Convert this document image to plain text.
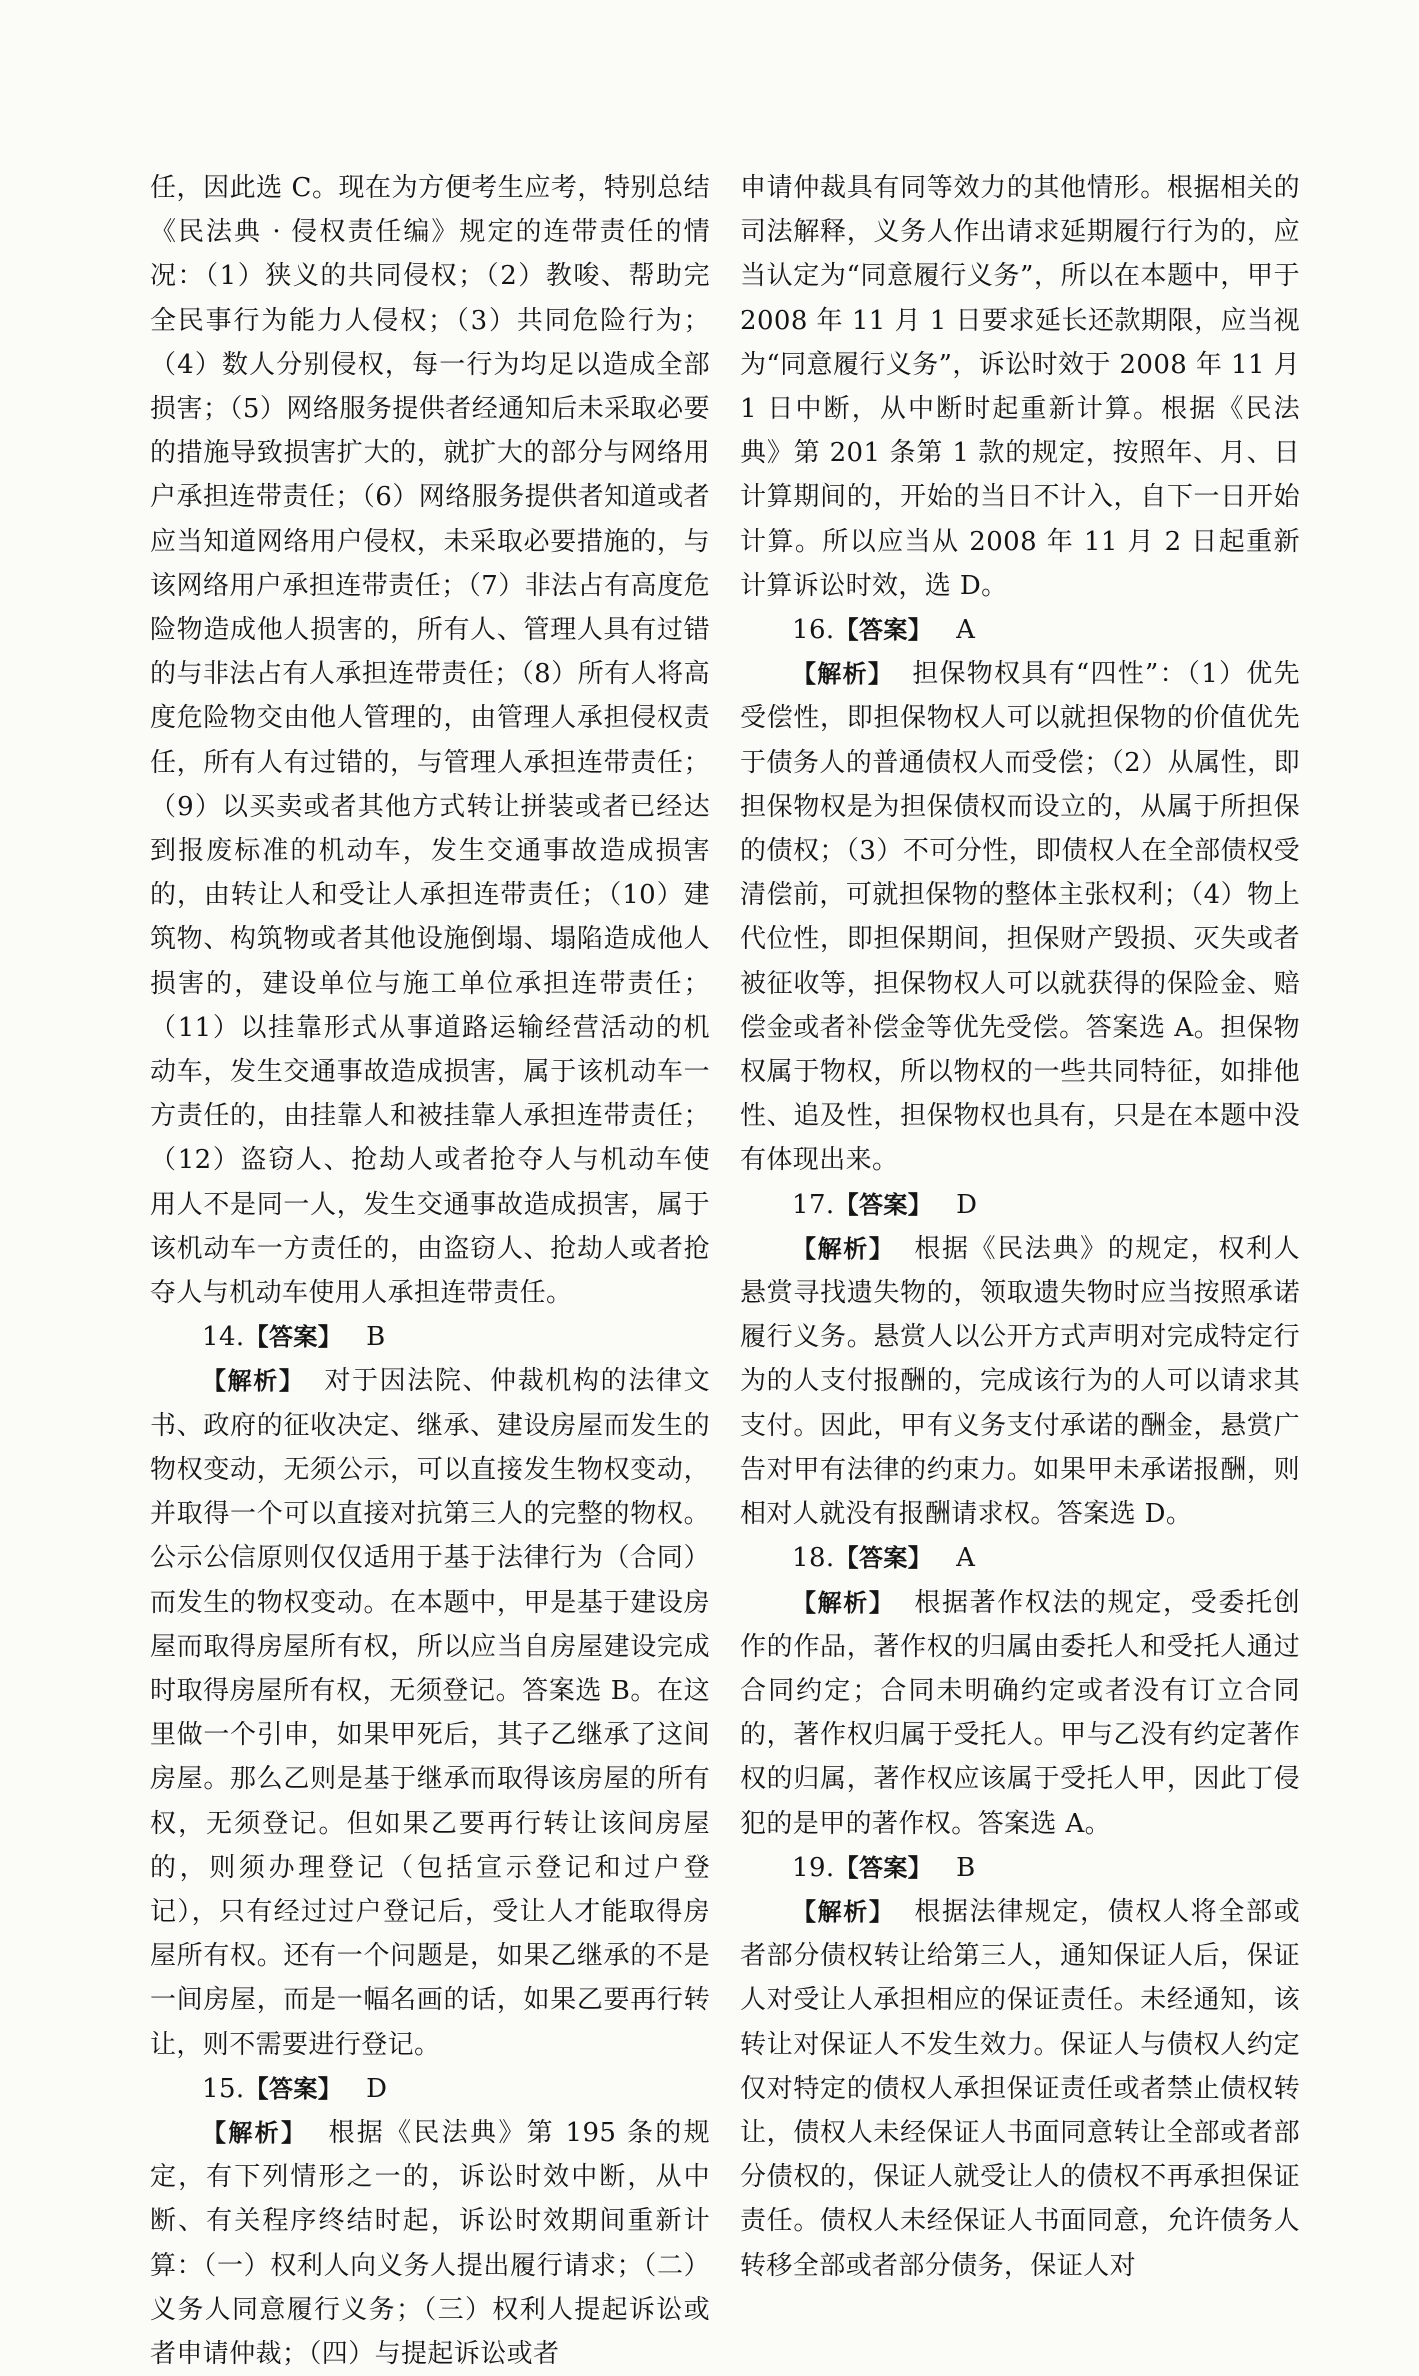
任，因此选 C。现在为方便考生应考，特别总结《民法典 · 侵权责任编》规定的连带责任的情况：（1）狭义的共同侵权；（2）教唆、帮助完全民事行为能力人侵权；（3）共同危险行为；（4）数人分别侵权，每一行为均足以造成全部损害；（5）网络服务提供者经通知后未采取必要的措施导致损害扩大的，就扩大的部分与网络用户承担连带责任；（6）网络服务提供者知道或者应当知道网络用户侵权，未采取必要措施的，与该网络用户承担连带责任；（7）非法占有高度危险物造成他人损害的，所有人、管理人具有过错的与非法占有人承担连带责任；（8）所有人将高度危险物交由他人管理的，由管理人承担侵权责任，所有人有过错的，与管理人承担连带责任；（9）以买卖或者其他方式转让拼装或者已经达到报废标准的机动车，发生交通事故造成损害的，由转让人和受让人承担连带责任；（10）建筑物、构筑物或者其他设施倒塌、塌陷造成他人损害的，建设单位与施工单位承担连带责任；（11）以挂靠形式从事道路运输经营活动的机动车，发生交通事故造成损害，属于该机动车一方责任的，由挂靠人和被挂靠人承担连带责任；（12）盗窃人、抢劫人或者抢夺人与机动车使用人不是同一人，发生交通事故造成损害，属于该机动车一方责任的，由盗窃人、抢劫人或者抢夺人与机动车使用人承担连带责任。

14.【答案】 B

【解析】 对于因法院、仲裁机构的法律文书、政府的征收决定、继承、建设房屋而发生的物权变动，无须公示，可以直接发生物权变动，并取得一个可以直接对抗第三人的完整的物权。公示公信原则仅仅适用于基于法律行为（合同）而发生的物权变动。在本题中，甲是基于建设房屋而取得房屋所有权，所以应当自房屋建设完成时取得房屋所有权，无须登记。答案选 B。在这里做一个引申，如果甲死后，其子乙继承了这间房屋。那么乙则是基于继承而取得该房屋的所有权，无须登记。但如果乙要再行转让该间房屋的，则须办理登记（包括宣示登记和过户登记），只有经过过户登记后，受让人才能取得房屋所有权。还有一个问题是，如果乙继承的不是一间房屋，而是一幅名画的话，如果乙要再行转让，则不需要进行登记。

15.【答案】 D

【解析】 根据《民法典》第 195 条的规定，有下列情形之一的，诉讼时效中断，从中断、有关程序终结时起，诉讼时效期间重新计算：（一）权利人向义务人提出履行请求；（二）义务人同意履行义务；（三）权利人提起诉讼或者申请仲裁；（四）与提起诉讼或者

申请仲裁具有同等效力的其他情形。根据相关的司法解释，义务人作出请求延期履行行为的，应当认定为“同意履行义务”，所以在本题中，甲于 2008 年 11 月 1 日要求延长还款期限，应当视为“同意履行义务”，诉讼时效于 2008 年 11 月 1 日中断，从中断时起重新计算。根据《民法典》第 201 条第 1 款的规定，按照年、月、日计算期间的，开始的当日不计入，自下一日开始计算。所以应当从 2008 年 11 月 2 日起重新计算诉讼时效，选 D。

16.【答案】 A

【解析】 担保物权具有“四性”：（1）优先受偿性，即担保物权人可以就担保物的价值优先于债务人的普通债权人而受偿；（2）从属性，即担保物权是为担保债权而设立的，从属于所担保的债权；（3）不可分性，即债权人在全部债权受清偿前，可就担保物的整体主张权利；（4）物上代位性，即担保期间，担保财产毁损、灭失或者被征收等，担保物权人可以就获得的保险金、赔偿金或者补偿金等优先受偿。答案选 A。担保物权属于物权，所以物权的一些共同特征，如排他性、追及性，担保物权也具有，只是在本题中没有体现出来。

17.【答案】 D

【解析】 根据《民法典》的规定，权利人悬赏寻找遗失物的，领取遗失物时应当按照承诺履行义务。悬赏人以公开方式声明对完成特定行为的人支付报酬的，完成该行为的人可以请求其支付。因此，甲有义务支付承诺的酬金，悬赏广告对甲有法律的约束力。如果甲未承诺报酬，则相对人就没有报酬请求权。答案选 D。

18.【答案】 A

【解析】 根据著作权法的规定，受委托创作的作品，著作权的归属由委托人和受托人通过合同约定；合同未明确约定或者没有订立合同的，著作权归属于受托人。甲与乙没有约定著作权的归属，著作权应该属于受托人甲，因此丁侵犯的是甲的著作权。答案选 A。

19.【答案】 B

【解析】 根据法律规定，债权人将全部或者部分债权转让给第三人，通知保证人后，保证人对受让人承担相应的保证责任。未经通知，该转让对保证人不发生效力。保证人与债权人约定仅对特定的债权人承担保证责任或者禁止债权转让，债权人未经保证人书面同意转让全部或者部分债权的，保证人就受让人的债权不再承担保证责任。债权人未经保证人书面同意，允许债务人转移全部或者部分债务，保证人对
